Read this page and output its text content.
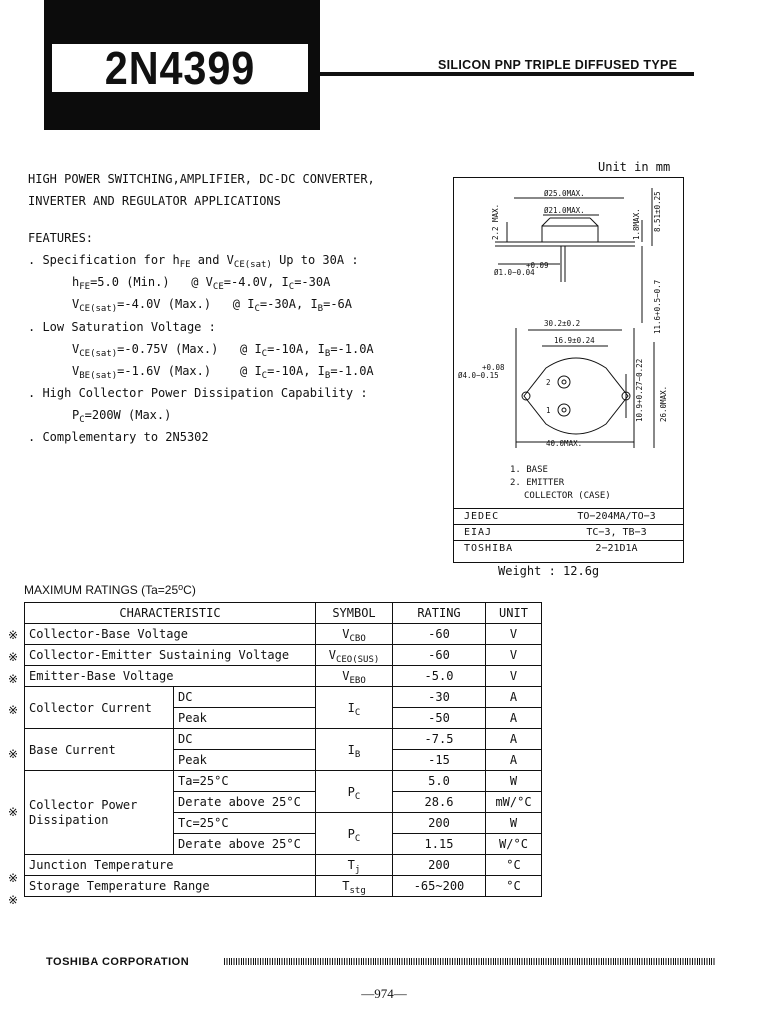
2N4399	SILICON PNP TRIPLE DIFFUSED TYPE
HIGH POWER SWITCHING,AMPLIFIER, DC-DC CONVERTER,
INVERTER AND REGULATOR APPLICATIONS
FEATURES:
. Specification for $h_{FE}$ and $V_{CE(sat)}$ Up to 30A :
$h_{FE}=5.0$ (Min.)   @ $V_{CE}=-4.0V$, $I_C=-30A$
$V_{CE(sat)}=-4.0V$ (Max.)   @ $I_C=-30A$, $I_B=-6A$
. Low Saturation Voltage :
$V_{CE(sat)}=-0.75V$ (Max.)   @ $I_C=-10A$, $I_B=-1.0A$
$V_{BE(sat)}=-1.6V$ (Max.)    @ $I_C=-10A$, $I_B=-1.0A$
. High Collector Power Dissipation Capability :
$P_C=200W$ (Max.)
. Complementary to 2N5302
Unit in mm
Ø25.0MAX.
Ø21.0MAX.
+0.09
Ø1.0−0.04
2.2 MAX.	1.8MAX. 8.51±0.25
11.6+0.5−0.7
30.2±0.2
16.9±0.24
+0.08
Ø4.0−0.15
2
1
40.0MAX.
10.9+0.27−0.22 26.0MAX.
1. BASE
2. EMITTER
COLLECTOR (CASE)
JEDEC	TO−204MA/TO−3
EIAJ	TC−3, TB−3
TOSHIBA	2−21D1A
Weight : 12.6g
MAXIMUM RATINGS $(Ta=25^oC)$
CHARACTERISTIC		SYMBOL	RATING	UNIT
Collector-Base Voltage		$V_{CBO}$	-60	V
Collector-Emitter Sustaining Voltage		$V_{CEO(SUS)}$	-60	V
Emitter-Base Voltage		$V_{EBO}$	-5.0	V
Collector Current	DC	$I_C$	-30	A
	Peak		-50	A
Base Current	DC	$I_B$	-7.5	A
	Peak		-15	A
Collector Power Dissipation	Ta=25°C	$P_C$	5.0	W
	Derate above 25°C		28.6	mW/°C
	Tc=25°C	$P_C$	200	W
	Derate above 25°C		1.15	W/°C
Junction Temperature		$T_j$	200	°C
Storage Temperature Range		$T_{stg}$	-65~200	°C
※
※
※
※
※
※
※
※
TOSHIBA CORPORATION
—974—
